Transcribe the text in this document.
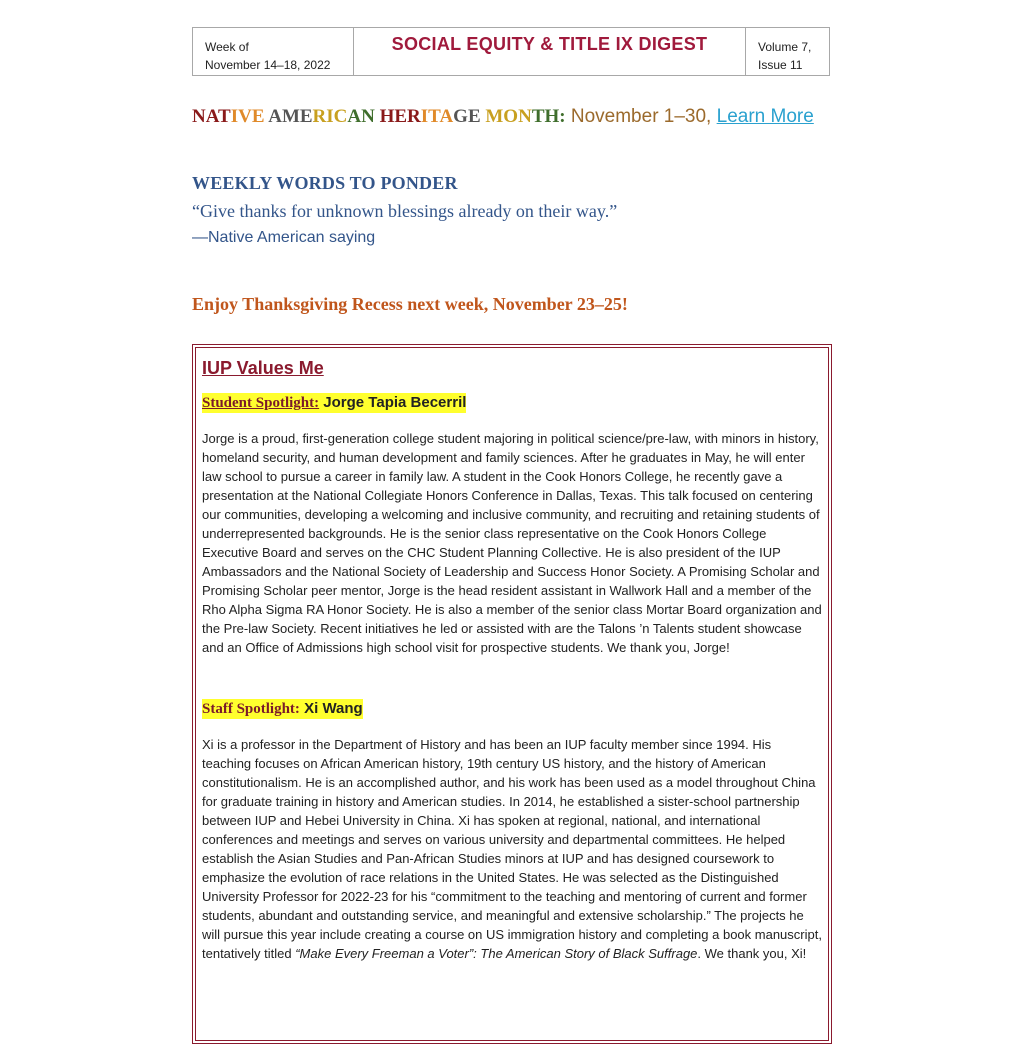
Week of
November 14–18, 2022
SOCIAL EQUITY & TITLE IX DIGEST	Volume 7,
Issue 11
NATIVE AMERICAN HERITAGE MONTH: November 1–30, Learn More
WEEKLY WORDS TO PONDER
“Give thanks for unknown blessings already on their way.”
—Native American saying
Enjoy Thanksgiving Recess next week, November 23–25!
IUP Values Me
Student Spotlight: Jorge Tapia Becerril

Jorge is a proud, first-generation college student majoring in political science/pre-law, with minors in history, homeland security, and human development and family sciences. After he graduates in May, he will enter law school to pursue a career in family law. A student in the Cook Honors College, he recently gave a presentation at the National Collegiate Honors Conference in Dallas, Texas. This talk focused on centering our communities, developing a welcoming and inclusive community, and recruiting and retaining students of underrepresented backgrounds. He is the senior class representative on the Cook Honors College Executive Board and serves on the CHC Student Planning Collective. He is also president of the IUP Ambassadors and the National Society of Leadership and Success Honor Society. A Promising Scholar and Promising Scholar peer mentor, Jorge is the head resident assistant in Wallwork Hall and a member of the Rho Alpha Sigma RA Honor Society. He is also a member of the senior class Mortar Board organization and the Pre-law Society. Recent initiatives he led or assisted with are the Talons ’n Talents student showcase and an Office of Admissions high school visit for prospective students. We thank you, Jorge!

Staff Spotlight: Xi Wang

Xi is a professor in the Department of History and has been an IUP faculty member since 1994. His teaching focuses on African American history, 19th century US history, and the history of American constitutionalism. He is an accomplished author, and his work has been used as a model throughout China for graduate training in history and American studies. In 2014, he established a sister-school partnership between IUP and Hebei University in China. Xi has spoken at regional, national, and international conferences and meetings and serves on various university and departmental committees. He helped establish the Asian Studies and Pan-African Studies minors at IUP and has designed coursework to emphasize the evolution of race relations in the United States. He was selected as the Distinguished University Professor for 2022-23 for his “commitment to the teaching and mentoring of current and former students, abundant and outstanding service, and meaningful and extensive scholarship.” The projects he will pursue this year include creating a course on US immigration history and completing a book manuscript, tentatively titled “Make Every Freeman a Voter”: The American Story of Black Suffrage. We thank you, Xi!
